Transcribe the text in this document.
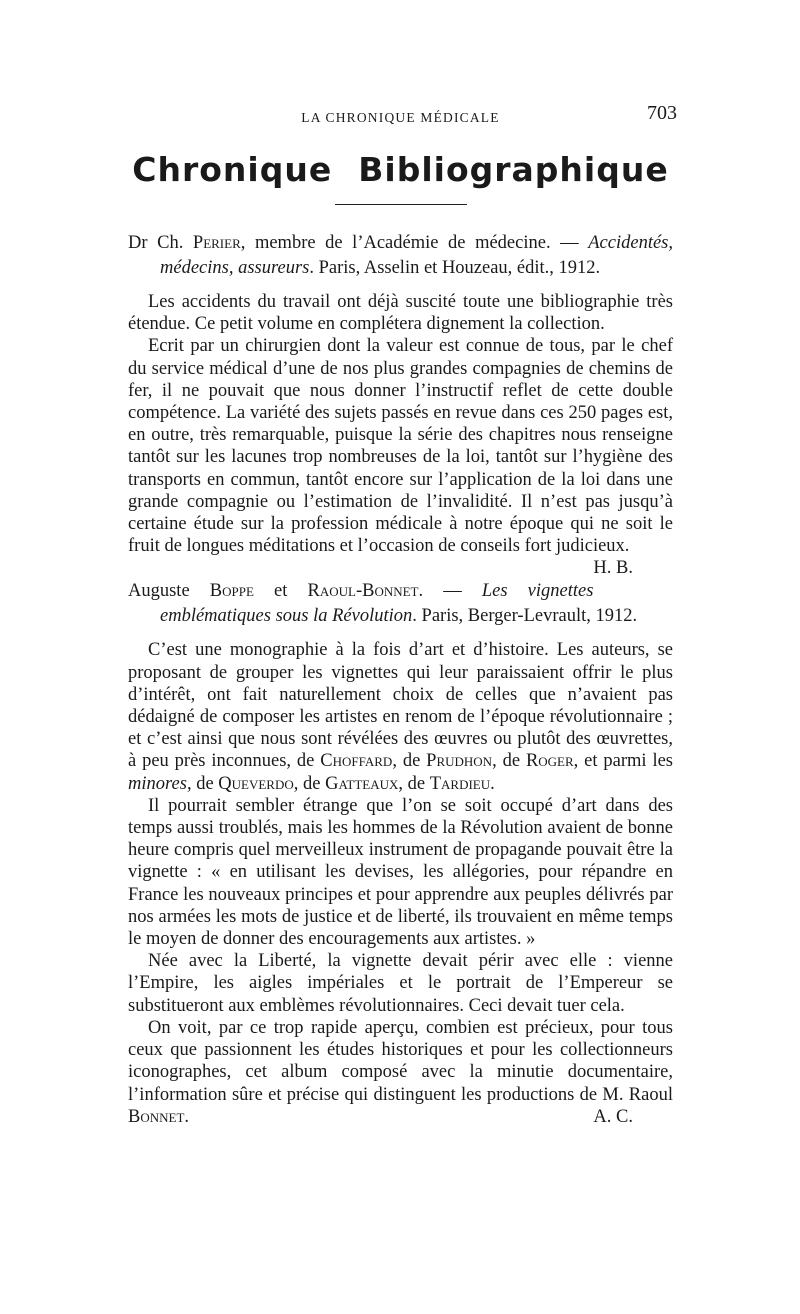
LA CHRONIQUE MÉDICALE	703
Chronique Bibliographique

Dr Ch. Perier, membre de l’Académie de médecine. — Accidentés, médecins, assureurs. Paris, Asselin et Houzeau, édit., 1912.

Les accidents du travail ont déjà suscité toute une bibliographie très étendue. Ce petit volume en complétera dignement la collection.

Ecrit par un chirurgien dont la valeur est connue de tous, par le chef du service médical d’une de nos plus grandes compagnies de chemins de fer, il ne pouvait que nous donner l’instructif reflet de cette double compétence. La variété des sujets passés en revue dans ces 250 pages est, en outre, très remarquable, puisque la série des chapitres nous renseigne tantôt sur les lacunes trop nombreuses de la loi, tantôt sur l’hygiène des transports en commun, tantôt encore sur l’application de la loi dans une grande compagnie ou l’estimation de l’invalidité. Il n’est pas jusqu’à certaine étude sur la profession médicale à notre époque qui ne soit le fruit de longues méditations et l’occasion de conseils fort judicieux.
H. B.

Auguste Boppe et Raoul-Bonnet. — Les vignettes emblématiques sous la Révolution. Paris, Berger-Levrault, 1912.

C’est une monographie à la fois d’art et d’histoire. Les auteurs, se proposant de grouper les vignettes qui leur paraissaient offrir le plus d’intérêt, ont fait naturellement choix de celles que n’avaient pas dédaigné de composer les artistes en renom de l’époque révolutionnaire ; et c’est ainsi que nous sont révélées des œuvres ou plutôt des œuvrettes, à peu près inconnues, de Choffard, de Prudhon, de Roger, et parmi les minores, de Queverdo, de Gatteaux, de Tardieu.

Il pourrait sembler étrange que l’on se soit occupé d’art dans des temps aussi troublés, mais les hommes de la Révolution avaient de bonne heure compris quel merveilleux instrument de propagande pouvait être la vignette : « en utilisant les devises, les allégories, pour répandre en France les nouveaux principes et pour apprendre aux peuples délivrés par nos armées les mots de justice et de liberté, ils trouvaient en même temps le moyen de donner des encouragements aux artistes. »

Née avec la Liberté, la vignette devait périr avec elle : vienne l’Empire, les aigles impériales et le portrait de l’Empereur se substitueront aux emblèmes révolutionnaires. Ceci devait tuer cela.

On voit, par ce trop rapide aperçu, combien est précieux, pour tous ceux que passionnent les études historiques et pour les collectionneurs iconographes, cet album composé avec la minutie documentaire, l’information sûre et précise qui distinguent les productions de M. Raoul Bonnet.	A. C.
